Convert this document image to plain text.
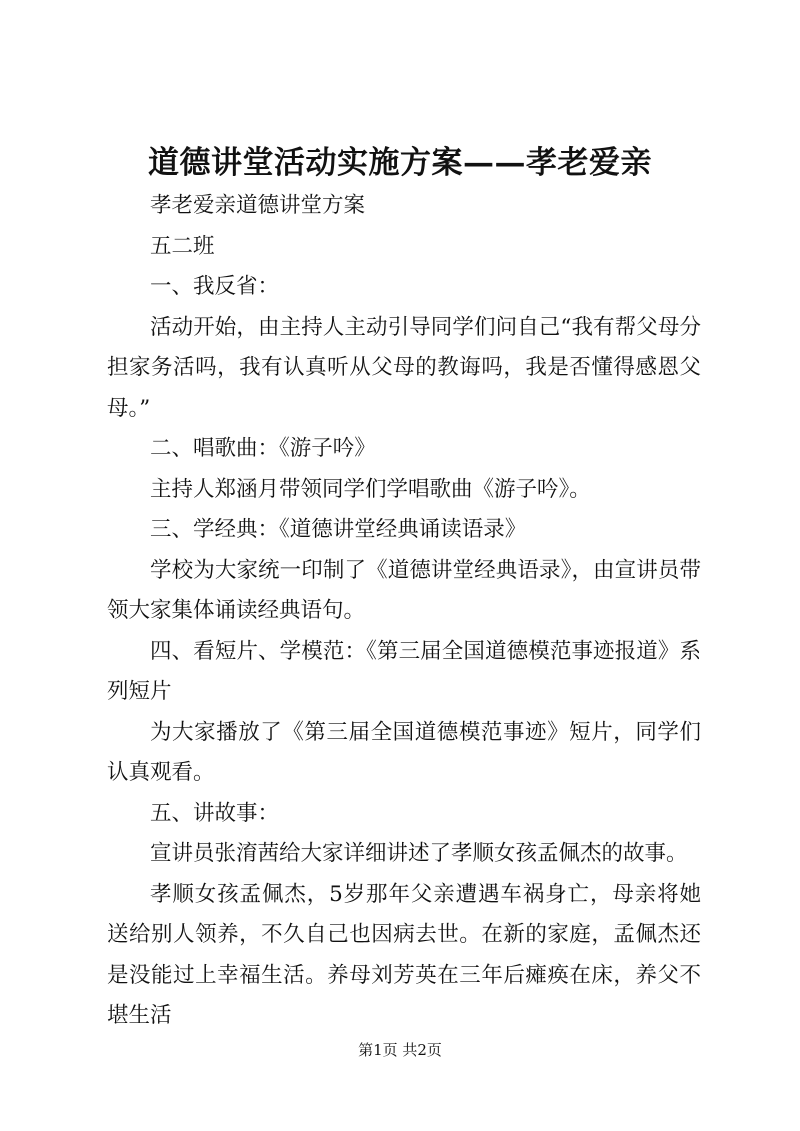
道德讲堂活动实施方案——孝老爱亲

孝老爱亲道德讲堂方案

五二班

一、我反省：

活动开始，由主持人主动引导同学们问自己“我有帮父母分担家务活吗，我有认真听从父母的教诲吗，我是否懂得感恩父母。”

二、唱歌曲：《游子吟》

主持人郑涵月带领同学们学唱歌曲《游子吟》。

三、学经典：《道德讲堂经典诵读语录》

学校为大家统一印制了《道德讲堂经典语录》，由宣讲员带领大家集体诵读经典语句。

四、看短片、学模范：《第三届全国道德模范事迹报道》系列短片

为大家播放了《第三届全国道德模范事迹》短片，同学们认真观看。

五、讲故事：

宣讲员张淯茜给大家详细讲述了孝顺女孩孟佩杰的故事。

孝顺女孩孟佩杰，5岁那年父亲遭遇车祸身亡，母亲将她送给别人领养，不久自己也因病去世。在新的家庭，孟佩杰还是没能过上幸福生活。养母刘芳英在三年后瘫痪在床，养父不堪生活

第1页 共2页
